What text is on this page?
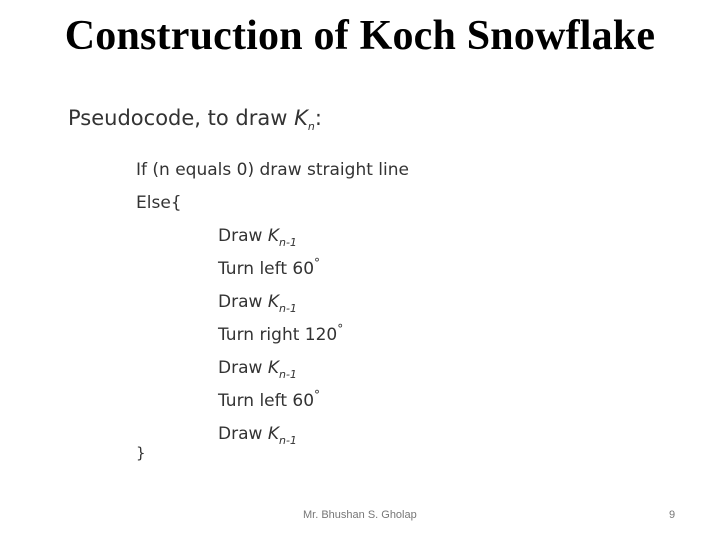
Construction of Koch Snowflake
Pseudocode, to draw $K_n$:
If (n equals 0) draw straight line
Else{
Draw $K_{n-1}$
Turn left 60°
Draw $K_{n-1}$
Turn right 120°
Draw $K_{n-1}$
Turn left 60°
Draw $K_{n-1}$
}
Mr. Bhushan S. Gholap	9
